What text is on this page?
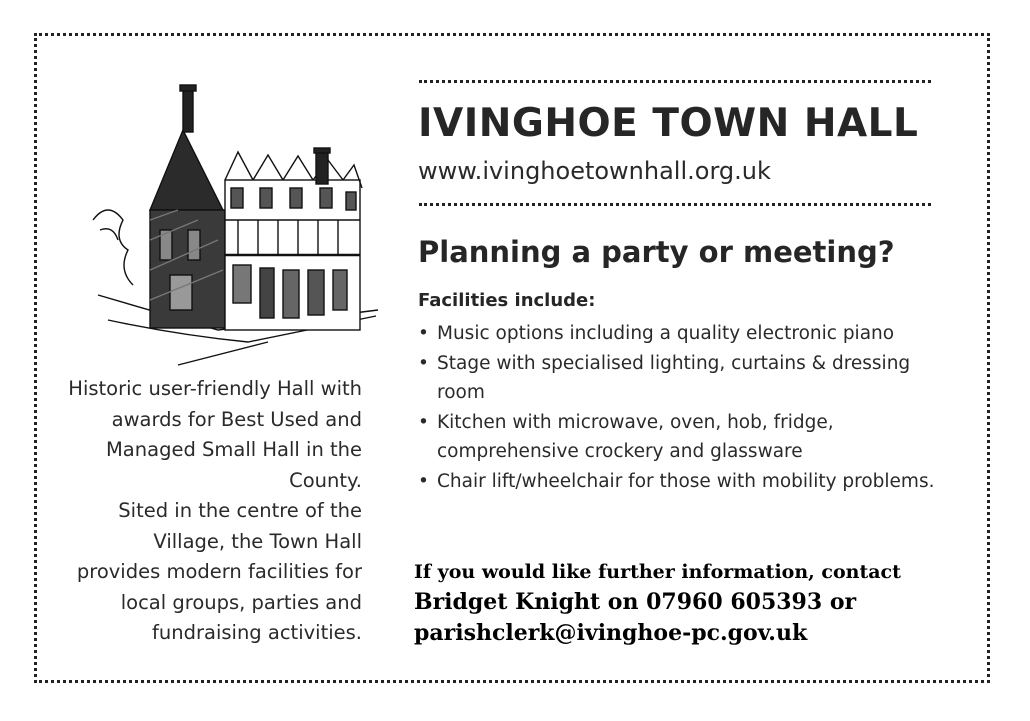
Historic user-friendly Hall with awards for Best Used and Managed Small Hall in the County.

Sited in the centre of the Village, the Town Hall provides modern facilities for local groups, parties and fundraising activities.

IVINGHOE TOWN HALL
www.ivinghoetownhall.org.uk
Planning a party or meeting?
Facilities include:
• Music options including a quality electronic piano
• Stage with specialised lighting, curtains & dressing room
• Kitchen with microwave, oven, hob, fridge, comprehensive crockery and glassware
• Chair lift/wheelchair for those with mobility problems.
If you would like further information, contact
Bridget Knight on 07960 605393 or
parishclerk@ivinghoe-pc.gov.uk
